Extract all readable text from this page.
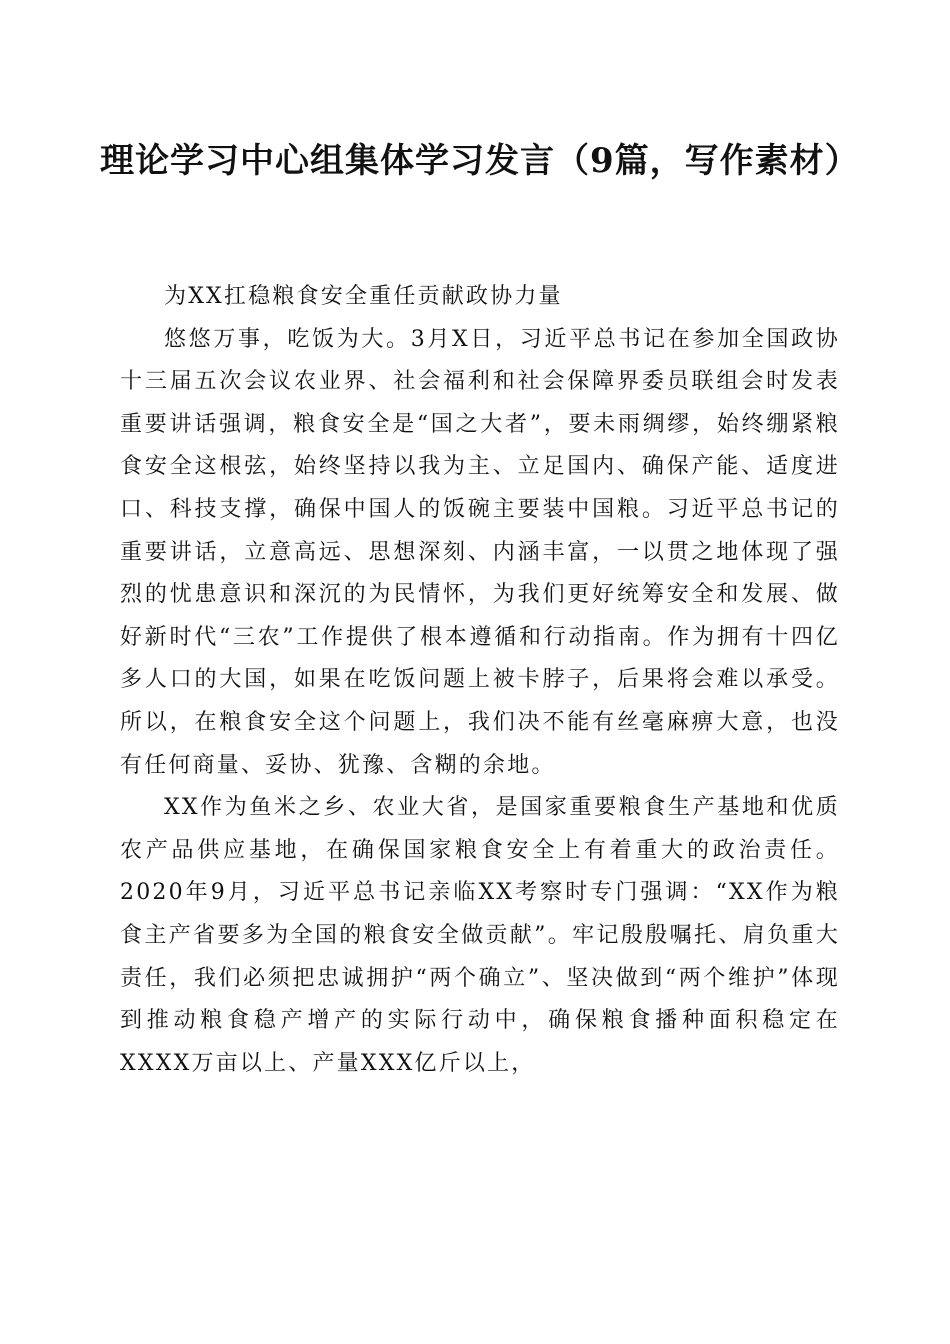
理论学习中心组集体学习发言（9篇，写作素材）

为XX扛稳粮食安全重任贡献政协力量

悠悠万事，吃饭为大。3月X日，习近平总书记在参加全国政协十三届五次会议农业界、社会福利和社会保障界委员联组会时发表重要讲话强调，粮食安全是“国之大者”，要未雨绸缪，始终绷紧粮食安全这根弦，始终坚持以我为主、立足国内、确保产能、适度进口、科技支撑，确保中国人的饭碗主要装中国粮。习近平总书记的重要讲话，立意高远、思想深刻、内涵丰富，一以贯之地体现了强烈的忧患意识和深沉的为民情怀，为我们更好统筹安全和发展、做好新时代“三农”工作提供了根本遵循和行动指南。作为拥有十四亿多人口的大国，如果在吃饭问题上被卡脖子，后果将会难以承受。所以，在粮食安全这个问题上，我们决不能有丝毫麻痹大意，也没有任何商量、妥协、犹豫、含糊的余地。

XX作为鱼米之乡、农业大省，是国家重要粮食生产基地和优质农产品供应基地，在确保国家粮食安全上有着重大的政治责任。2020年9月，习近平总书记亲临XX考察时专门强调：“XX作为粮食主产省要多为全国的粮食安全做贡献”。牢记殷殷嘱托、肩负重大责任，我们必须把忠诚拥护“两个确立”、坚决做到“两个维护”体现到推动粮食稳产增产的实际行动中，确保粮食播种面积稳定在XXXX万亩以上、产量XXX亿斤以上，
